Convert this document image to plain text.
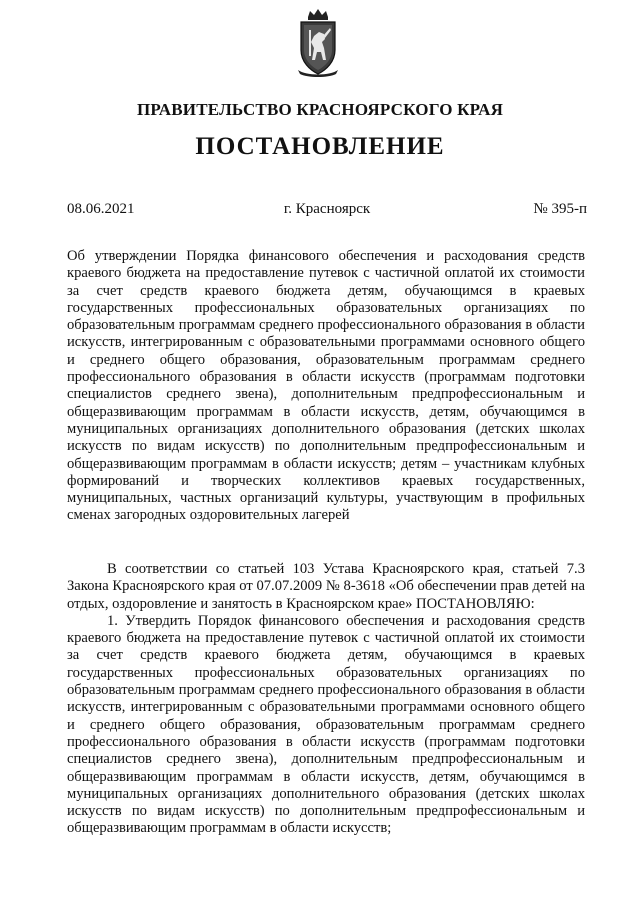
ПРАВИТЕЛЬСТВО КРАСНОЯРСКОГО КРАЯ
ПОСТАНОВЛЕНИЕ
08.06.2021	г. Красноярск	№ 395-п
Об утверждении Порядка финансового обеспечения и расходования средств краевого бюджета на предоставление путевок с частичной оплатой их стоимости за счет средств краевого бюджета детям, обучающимся в краевых государственных профессиональных образовательных организациях по образовательным программам среднего профессионального образования в области искусств, интегрированным с образовательными программами основного общего и среднего общего образования, образовательным программам среднего профессионального образования в области искусств (программам подготовки специалистов среднего звена), дополнительным предпрофессиональным и общеразвивающим программам в области искусств, детям, обучающимся в муниципальных организациях дополнительного образования (детских школах искусств по видам искусств) по дополнительным предпрофессиональным и общеразвивающим программам в области искусств; детям – участникам клубных формирований и творческих коллективов краевых государственных, муниципальных, частных организаций культуры, участвующим в профильных сменах загородных оздоровительных лагерей

В соответствии со статьей 103 Устава Красноярского края, статьей 7.3 Закона Красноярского края от 07.07.2009 № 8-3618 «Об обеспечении прав детей на отдых, оздоровление и занятость в Красноярском крае» ПОСТАНОВЛЯЮ:

1. Утвердить Порядок финансового обеспечения и расходования средств краевого бюджета на предоставление путевок с частичной оплатой их стоимости за счет средств краевого бюджета детям, обучающимся в краевых государственных профессиональных образовательных организациях по образовательным программам среднего профессионального образования в области искусств, интегрированным с образовательными программами основного общего и среднего общего образования, образовательным программам среднего профессионального образования в области искусств (программам подготовки специалистов среднего звена), дополнительным предпрофессиональным и общеразвивающим программам в области искусств, детям, обучающимся в муниципальных организациях дополнительного образования (детских школах искусств по видам искусств) по дополнительным предпрофессиональным и общеразвивающим программам в области искусств;
